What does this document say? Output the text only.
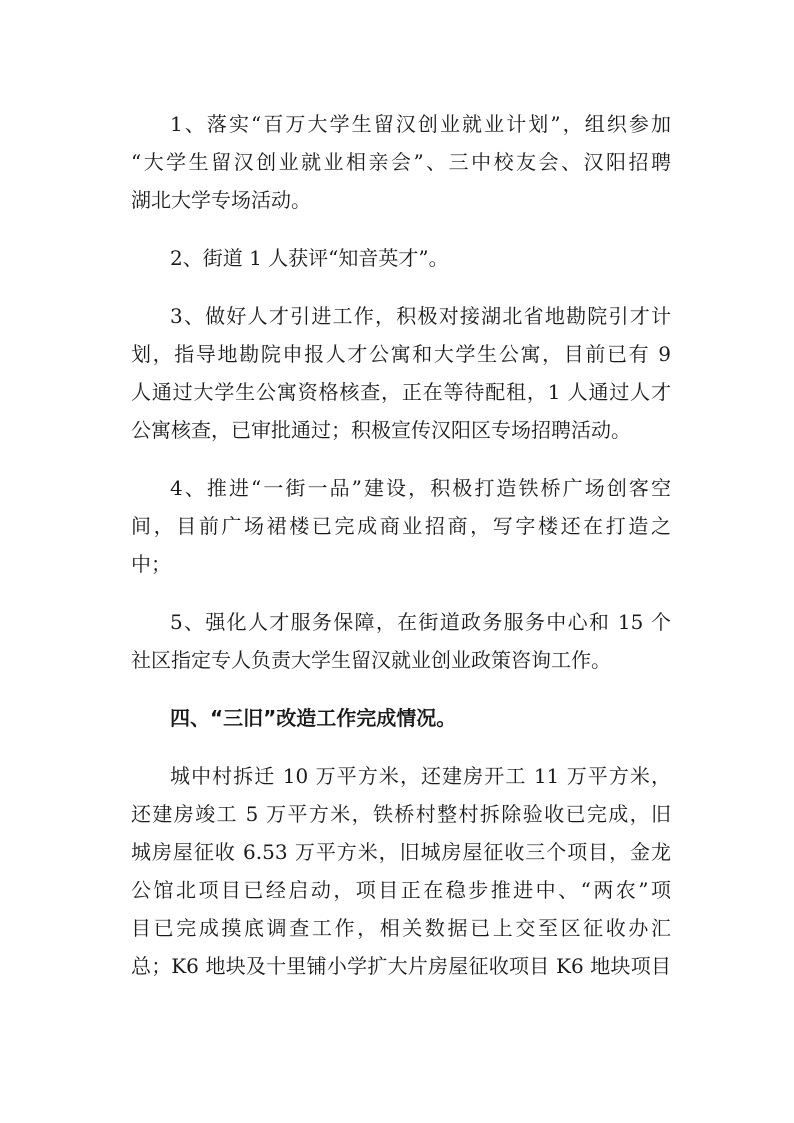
1、落实“百万大学生留汉创业就业计划”，组织参加
“大学生留汉创业就业相亲会”、三中校友会、汉阳招聘
湖北大学专场活动。
2、街道 1 人获评“知音英才”。
3、做好人才引进工作，积极对接湖北省地勘院引才计
划，指导地勘院申报人才公寓和大学生公寓，目前已有 9
人通过大学生公寓资格核查，正在等待配租，1 人通过人才
公寓核查，已审批通过；积极宣传汉阳区专场招聘活动。
4、推进“一街一品”建设，积极打造铁桥广场创客空
间，目前广场裙楼已完成商业招商，写字楼还在打造之
中；
5、强化人才服务保障，在街道政务服务中心和 15 个
社区指定专人负责大学生留汉就业创业政策咨询工作。
四、“三旧”改造工作完成情况。
城中村拆迁 10 万平方米，还建房开工 11 万平方米，
还建房竣工 5 万平方米，铁桥村整村拆除验收已完成，旧
城房屋征收 6.53 万平方米，旧城房屋征收三个项目，金龙
公馆北项目已经启动，项目正在稳步推进中、“两农”项
目已完成摸底调查工作，相关数据已上交至区征收办汇
总；K6 地块及十里铺小学扩大片房屋征收项目 K6 地块项目
